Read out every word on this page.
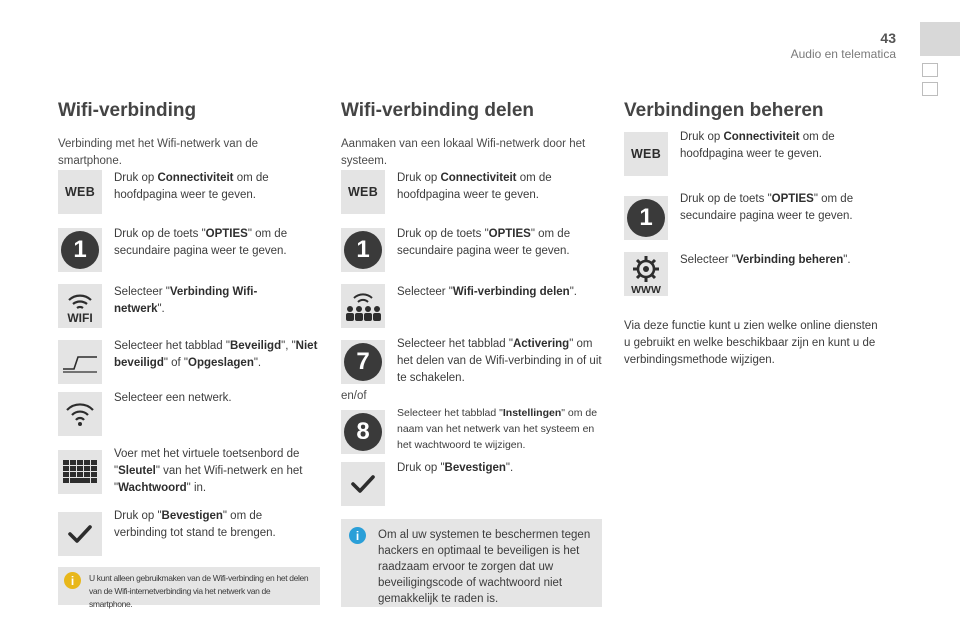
43
Audio en telematica
Wifi-verbinding

Verbinding met het Wifi-netwerk van de smartphone.

WEB
Druk op Connectiviteit om de hoofdpagina weer te geven.
1
Druk op de toets "OPTIES" om de secundaire pagina weer te geven.
WIFI
Selecteer "Verbinding Wifi-netwerk".
Selecteer het tabblad "Beveiligd", "Niet beveiligd" of "Opgeslagen".
Selecteer een netwerk.
Voer met het virtuele toetsenbord de "Sleutel" van het Wifi-netwerk en het "Wachtwoord" in.
Druk op "Bevestigen" om de verbinding tot stand te brengen.
i	U kunt alleen gebruikmaken van de Wifi-verbinding en het delen van de Wifi-internetverbinding via het netwerk van de smartphone.

Wifi-verbinding delen

Aanmaken van een lokaal Wifi-netwerk door het systeem.

WEB
Druk op Connectiviteit om de hoofdpagina weer te geven.
1
Druk op de toets "OPTIES" om de secundaire pagina weer te geven.
Selecteer "Wifi-verbinding delen".
7
Selecteer het tabblad "Activering" om het delen van de Wifi-verbinding in of uit te schakelen.
8
Selecteer het tabblad "Instellingen" om de naam van het netwerk van het systeem en het wachtwoord te wijzigen.
Druk op "Bevestigen".
en/of
i	Om al uw systemen te beschermen tegen hackers en optimaal te beveiligen is het raadzaam ervoor te zorgen dat uw beveiligingscode of wachtwoord niet gemakkelijk te raden is.

Verbindingen beheren
WEB
Druk op Connectiviteit om de hoofdpagina weer te geven.
1
Druk op de toets "OPTIES" om de secundaire pagina weer te geven.
WWW
Selecteer "Verbinding beheren".

Via deze functie kunt u zien welke online diensten u gebruikt en welke beschikbaar zijn en kunt u de verbindingsmethode wijzigen.
